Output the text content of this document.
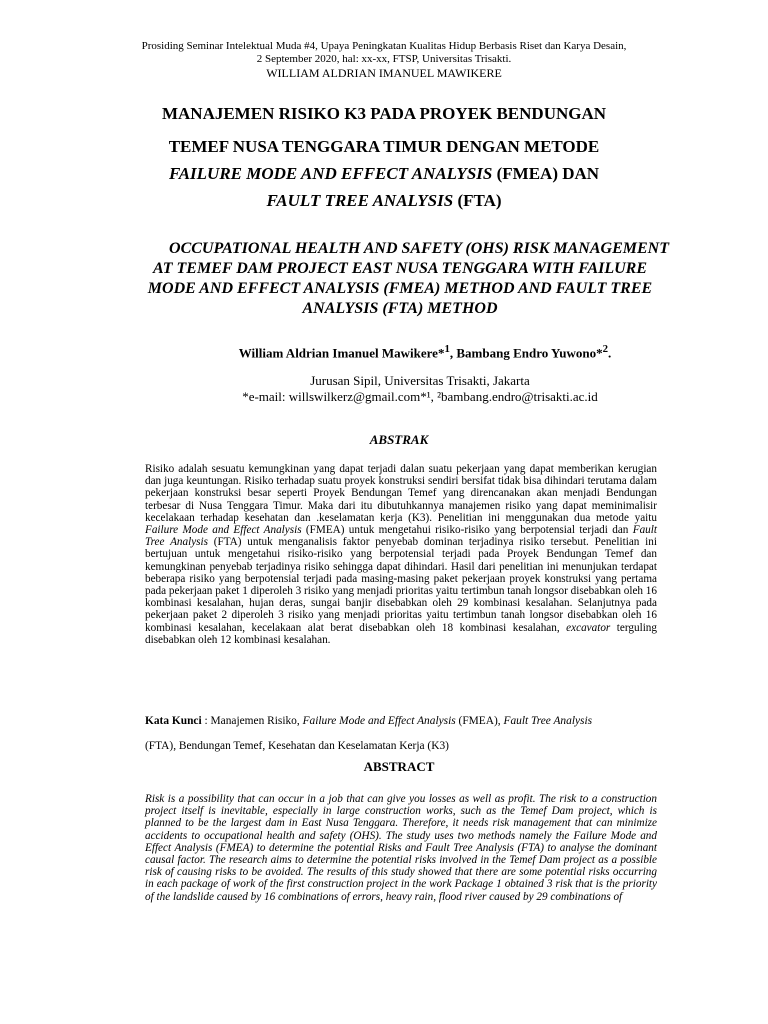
Prosiding Seminar Intelektual Muda #4, Upaya Peningkatan Kualitas Hidup Berbasis Riset dan Karya Desain,
2 September 2020, hal: xx-xx, FTSP, Universitas Trisakti.
WILLIAM ALDRIAN IMANUEL MAWIKERE
MANAJEMEN RISIKO K3 PADA PROYEK BENDUNGAN
TEMEF NUSA TENGGARA TIMUR DENGAN METODE
FAILURE MODE AND EFFECT ANALYSIS (FMEA) DAN
FAULT TREE ANALYSIS (FTA)
OCCUPATIONAL HEALTH AND SAFETY (OHS) RISK MANAGEMENT AT TEMEF DAM PROJECT EAST NUSA TENGGARA WITH FAILURE MODE AND EFFECT ANALYSIS (FMEA) METHOD AND FAULT TREE ANALYSIS (FTA) METHOD
William Aldrian Imanuel Mawikere*$^1$, Bambang Endro Yuwono*$^2$.
Jurusan Sipil, Universitas Trisakti, Jakarta
*e-mail: willswilkerz@gmail.com*¹, ²bambang.endro@trisakti.ac.id
ABSTRAK

Risiko adalah sesuatu kemungkinan yang dapat terjadi dalan suatu pekerjaan yang dapat memberikan kerugian dan juga keuntungan. Risiko terhadap suatu proyek konstruksi sendiri bersifat tidak bisa dihindari terutama dalam pekerjaan konstruksi besar seperti Proyek Bendungan Temef yang direncanakan akan menjadi Bendungan terbesar di Nusa Tenggara Timur. Maka dari itu dibutuhkannya manajemen risiko yang dapat meminimalisir kecelakaan terhadap kesehatan dan .keselamatan kerja (K3). Penelitian ini menggunakan dua metode yaitu Failure Mode and Effect Analysis (FMEA) untuk mengetahui risiko-risiko yang berpotensial terjadi dan Fault Tree Analysis (FTA) untuk menganalisis faktor penyebab dominan terjadinya risiko tersebut. Penelitian ini bertujuan untuk mengetahui risiko-risiko yang berpotensial terjadi pada Proyek Bendungan Temef dan kemungkinan penyebab terjadinya risiko sehingga dapat dihindari. Hasil dari penelitian ini menunjukan terdapat beberapa risiko yang berpotensial terjadi pada masing-masing paket pekerjaan proyek konstruksi yang pertama pada pekerjaan paket 1 diperoleh 3 risiko yang menjadi prioritas yaitu tertimbun tanah longsor disebabkan oleh 16 kombinasi kesalahan, hujan deras, sungai banjir disebabkan oleh 29 kombinasi kesalahan. Selanjutnya pada pekerjaan paket 2 diperoleh 3 risiko yang menjadi prioritas yaitu tertimbun tanah longsor disebabkan oleh 16 kombinasi kesalahan, kecelakaan alat berat disebabkan oleh 18 kombinasi kesalahan, excavator terguling disebabkan oleh 12 kombinasi kesalahan.

Kata Kunci : Manajemen Risiko, Failure Mode and Effect Analysis (FMEA), Fault Tree Analysis
(FTA), Bendungan Temef, Kesehatan dan Keselamatan Kerja (K3)
ABSTRACT

Risk is a possibility that can occur in a job that can give you losses as well as profit. The risk to a construction project itself is inevitable, especially in large construction works, such as the Temef Dam project, which is planned to be the largest dam in East Nusa Tenggara. Therefore, it needs risk management that can minimize accidents to occupational health and safety (OHS). The study uses two methods namely the Failure Mode and Effect Analysis (FMEA) to determine the potential Risks and Fault Tree Analysis (FTA) to analyse the dominant causal factor. The research aims to determine the potential risks involved in the Temef Dam project as a possible risk of causing risks to be avoided. The results of this study showed that there are some potential risks occurring in each package of work of the first construction project in the work Package 1 obtained 3 risk that is the priority of the landslide caused by 16 combinations of errors, heavy rain, flood river caused by 29 combinations of
